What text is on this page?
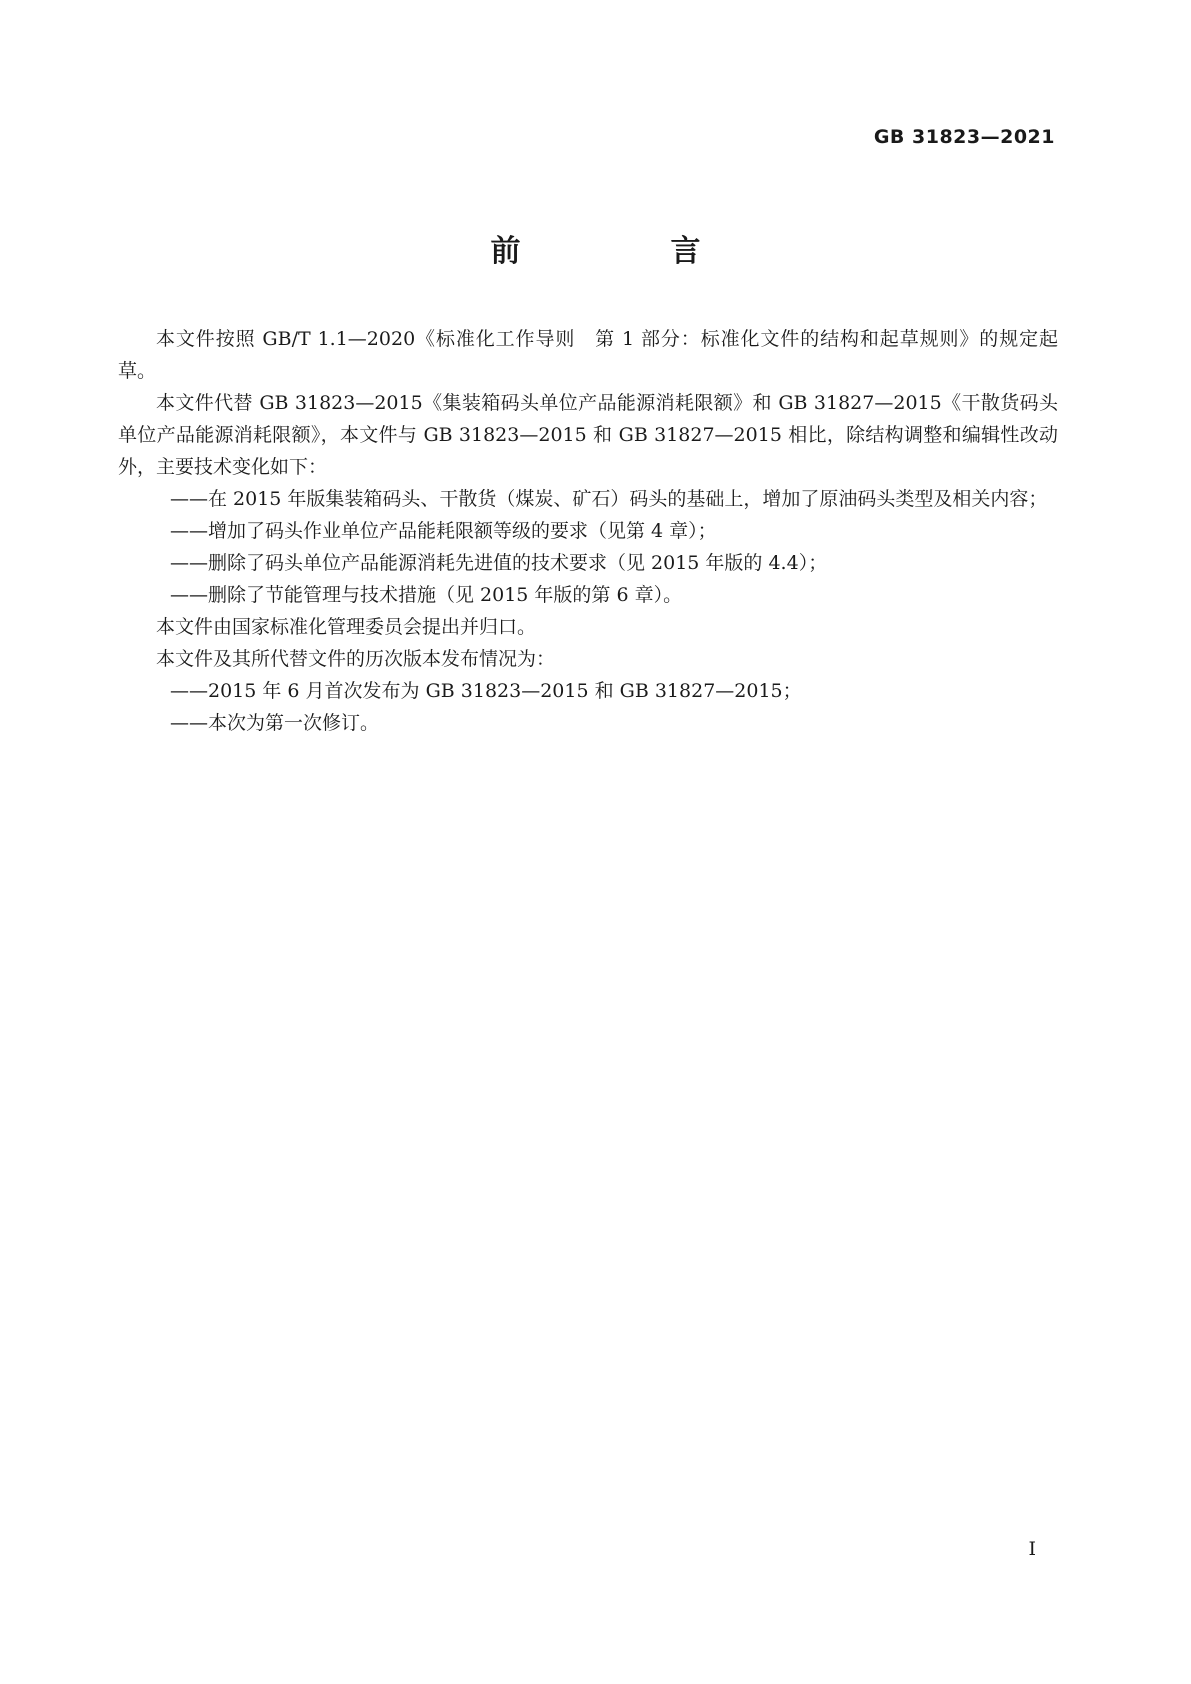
GB 31823—2021
前　言

本文件按照 GB/T 1.1—2020《标准化工作导则　第 1 部分：标准化文件的结构和起草规则》的规定起草。

本文件代替 GB 31823—2015《集装箱码头单位产品能源消耗限额》和 GB 31827—2015《干散货码头单位产品能源消耗限额》，本文件与 GB 31823—2015 和 GB 31827—2015 相比，除结构调整和编辑性改动外，主要技术变化如下：

——在 2015 年版集装箱码头、干散货（煤炭、矿石）码头的基础上，增加了原油码头类型及相关内容；

——增加了码头作业单位产品能耗限额等级的要求（见第 4 章）；

——删除了码头单位产品能源消耗先进值的技术要求（见 2015 年版的 4.4）；

——删除了节能管理与技术措施（见 2015 年版的第 6 章）。

本文件由国家标准化管理委员会提出并归口。

本文件及其所代替文件的历次版本发布情况为：

——2015 年 6 月首次发布为 GB 31823—2015 和 GB 31827—2015；

——本次为第一次修订。

I
